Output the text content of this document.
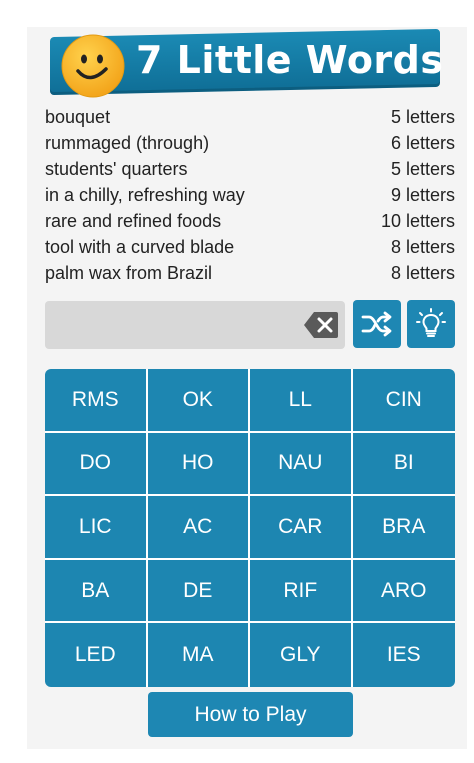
7 Little Words
bouquet	5 letters
rummaged (through)	6 letters
students' quarters	5 letters
in a chilly, refreshing way	9 letters
rare and refined foods	10 letters
tool with a curved blade	8 letters
palm wax from Brazil	8 letters
RMS	OK	LL	CIN
DO	HO	NAU	BI
LIC	AC	CAR	BRA
BA	DE	RIF	ARO
LED	MA	GLY	IES
How to Play
